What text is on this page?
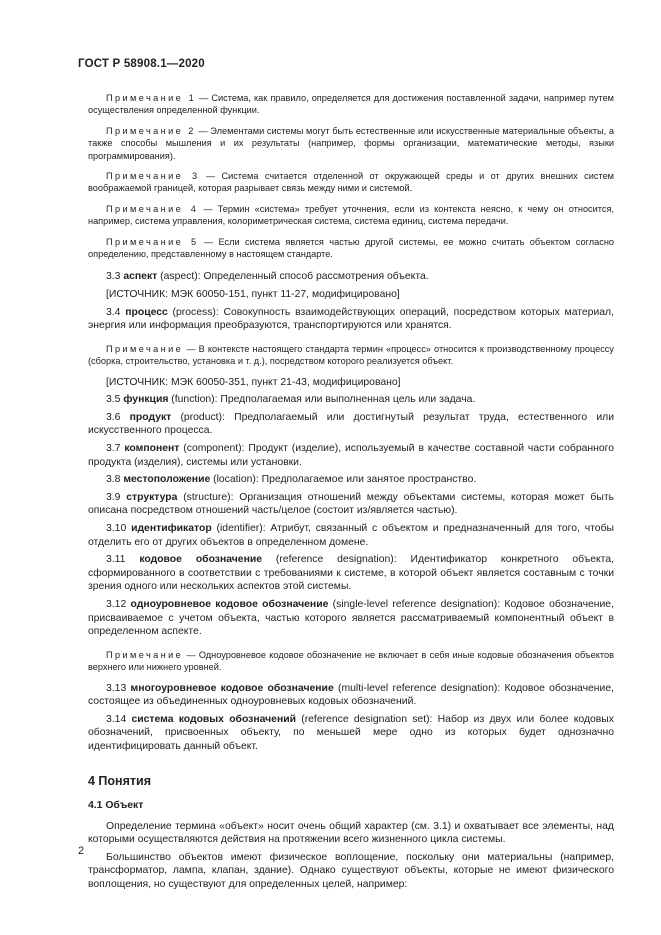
ГОСТ Р 58908.1—2020

Примечание 1 — Система, как правило, определяется для достижения поставленной задачи, например путем осуществления определенной функции.

Примечание 2 — Элементами системы могут быть естественные или искусственные материальные объекты, а также способы мышления и их результаты (например, формы организации, математические методы, языки программирования).

Примечание 3 — Система считается отделенной от окружающей среды и от других внешних систем воображаемой границей, которая разрывает связь между ними и системой.

Примечание 4 — Термин «система» требует уточнения, если из контекста неясно, к чему он относится, например, система управления, колориметрическая система, система единиц, система передачи.

Примечание 5 — Если система является частью другой системы, ее можно считать объектом согласно определению, представленному в настоящем стандарте.

3.3 аспект (aspect): Определенный способ рассмотрения объекта.

[ИСТОЧНИК: МЭК 60050-151, пункт 11-27, модифицировано]

3.4 процесс (process): Совокупность взаимодействующих операций, посредством которых материал, энергия или информация преобразуются, транспортируются или хранятся.

Примечание — В контексте настоящего стандарта термин «процесс» относится к производственному процессу (сборка, строительство, установка и т. д.), посредством которого реализуется объект.

[ИСТОЧНИК: МЭК 60050-351, пункт 21-43, модифицировано]

3.5 функция (function): Предполагаемая или выполненная цель или задача.

3.6 продукт (product): Предполагаемый или достигнутый результат труда, естественного или искусственного процесса.

3.7 компонент (component): Продукт (изделие), используемый в качестве составной части собранного продукта (изделия), системы или установки.

3.8 местоположение (location): Предполагаемое или занятое пространство.

3.9 структура (structure): Организация отношений между объектами системы, которая может быть описана посредством отношений часть/целое (состоит из/является частью).

3.10 идентификатор (identifier): Атрибут, связанный с объектом и предназначенный для того, чтобы отделить его от других объектов в определенном домене.

3.11 кодовое обозначение (reference designation): Идентификатор конкретного объекта, сформированного в соответствии с требованиями к системе, в которой объект является составным с точки зрения одного или нескольких аспектов этой системы.

3.12 одноуровневое кодовое обозначение (single-level reference designation): Кодовое обозначение, присваиваемое с учетом объекта, частью которого является рассматриваемый компонентный объект в определенном аспекте.

Примечание — Одноуровневое кодовое обозначение не включает в себя иные кодовые обозначения объектов верхнего или нижнего уровней.

3.13 многоуровневое кодовое обозначение (multi-level reference designation): Кодовое обозначение, состоящее из объединенных одноуровневых кодовых обозначений.

3.14 система кодовых обозначений (reference designation set): Набор из двух или более кодовых обозначений, присвоенных объекту, по меньшей мере одно из которых будет однозначно идентифицировать данный объект.

4 Понятия
4.1 Объект

Определение термина «объект» носит очень общий характер (см. 3.1) и охватывает все элементы, над которыми осуществляются действия на протяжении всего жизненного цикла системы.

Большинство объектов имеют физическое воплощение, поскольку они материальны (например, трансформатор, лампа, клапан, здание). Однако существуют объекты, которые не имеют физического воплощения, но существуют для определенных целей, например:

2
